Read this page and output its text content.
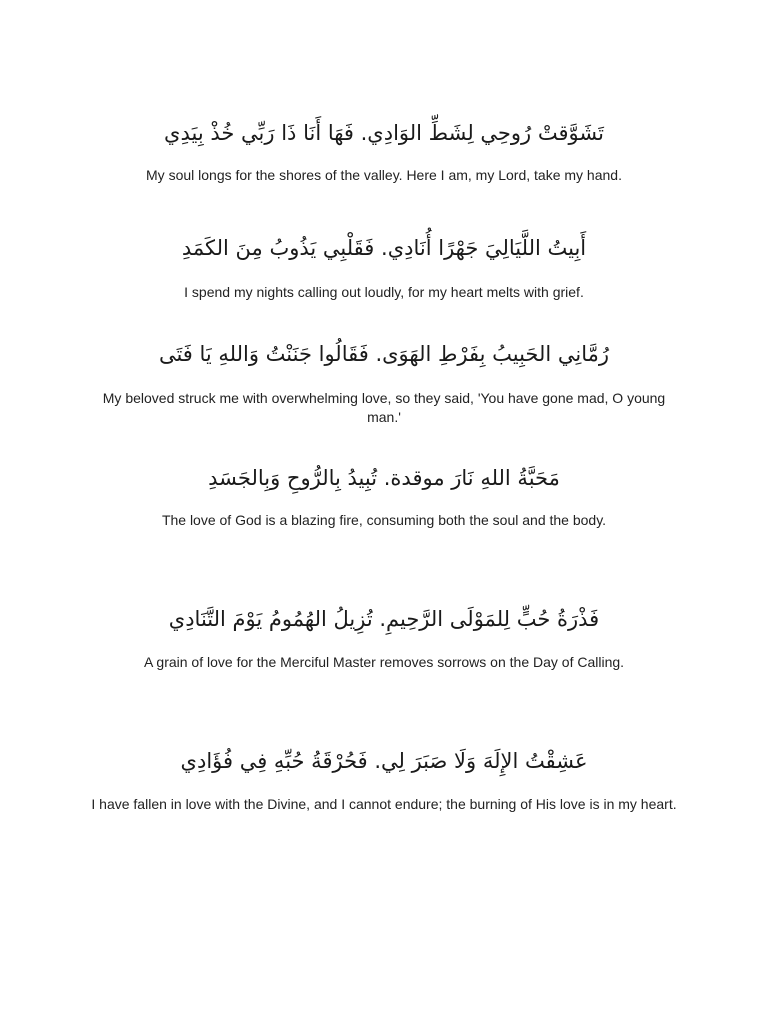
تَشَوَّقتْ رُوحِي لِشَطِّ الوَادِي. فَهَا أَنَا ذَا رَبِّي خُذْ بِيَدِي
My soul longs for the shores of the valley. Here I am, my Lord, take my hand.
أَبِيتُ اللَّيَالِيَ جَهْرًا أُنَادِي. فَقَلْبِي يَذُوبُ مِنَ الكَمَدِ
I spend my nights calling out loudly, for my heart melts with grief.
رُمَّانِي الحَبِيبُ بِفَرْطِ الهَوَى. فَقَالُوا جَنَنْتُ وَاللهِ يَا فَتَى
My beloved struck me with overwhelming love, so they said, 'You have gone mad, O young man.'
مَحَبَّةُ اللهِ نَارَ موقدة. تُبِيدُ بِالرُّوحِ وَبِالجَسَدِ
The love of God is a blazing fire, consuming both the soul and the body.
فَذْرَةُ حُبٍّ لِلمَوْلَى الرَّحِيمِ. تُزِيلُ الهُمُومُ يَوْمَ التَّنَادِي
A grain of love for the Merciful Master removes sorrows on the Day of Calling.
عَشِقْتُ الإِلَهَ وَلَا صَبَرَ لِي. فَحُرْقَةُ حُبِّهِ فِي فُؤَادِي
I have fallen in love with the Divine, and I cannot endure; the burning of His love is in my heart.
